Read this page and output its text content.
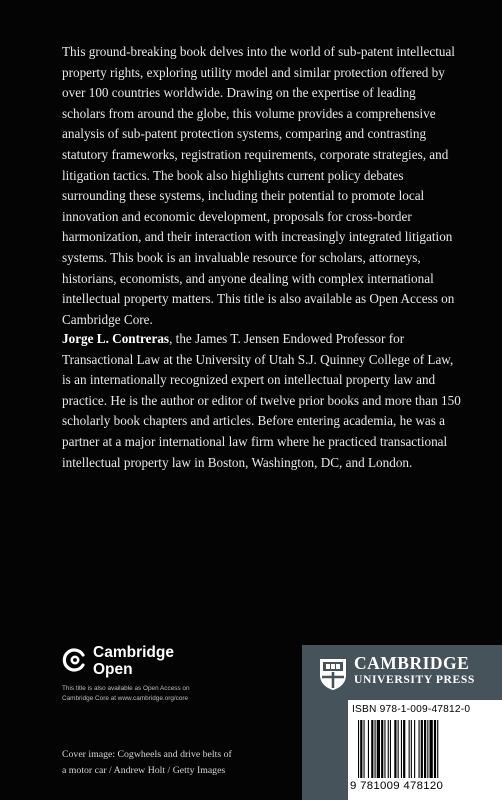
This ground-breaking book delves into the world of sub-patent intellectual property rights, exploring utility model and similar protection offered by over 100 countries worldwide. Drawing on the expertise of leading scholars from around the globe, this volume provides a comprehensive analysis of sub-patent protection systems, comparing and contrasting statutory frameworks, registration requirements, corporate strategies, and litigation tactics. The book also highlights current policy debates surrounding these systems, including their potential to promote local innovation and economic development, proposals for cross-border harmonization, and their interaction with increasingly integrated litigation systems. This book is an invaluable resource for scholars, attorneys, historians, economists, and anyone dealing with complex international intellectual property matters. This title is also available as Open Access on Cambridge Core.

Jorge L. Contreras, the James T. Jensen Endowed Professor for Transactional Law at the University of Utah S.J. Quinney College of Law, is an internationally recognized expert on intellectual property law and practice. He is the author or editor of twelve prior books and more than 150 scholarly book chapters and articles. Before entering academia, he was a partner at a major international law firm where he practiced transactional intellectual property law in Boston, Washington, DC, and London.
Cambridge
Open
This title is also available as Open Access on
Cambridge Core at www.cambridge.org/core
Cover image: Cogwheels and drive belts of
a motor car / Andrew Holt / Getty Images
CAMBRIDGE
UNIVERSITY PRESS
ISBN 978-1-009-47812-0
9 781009 478120
